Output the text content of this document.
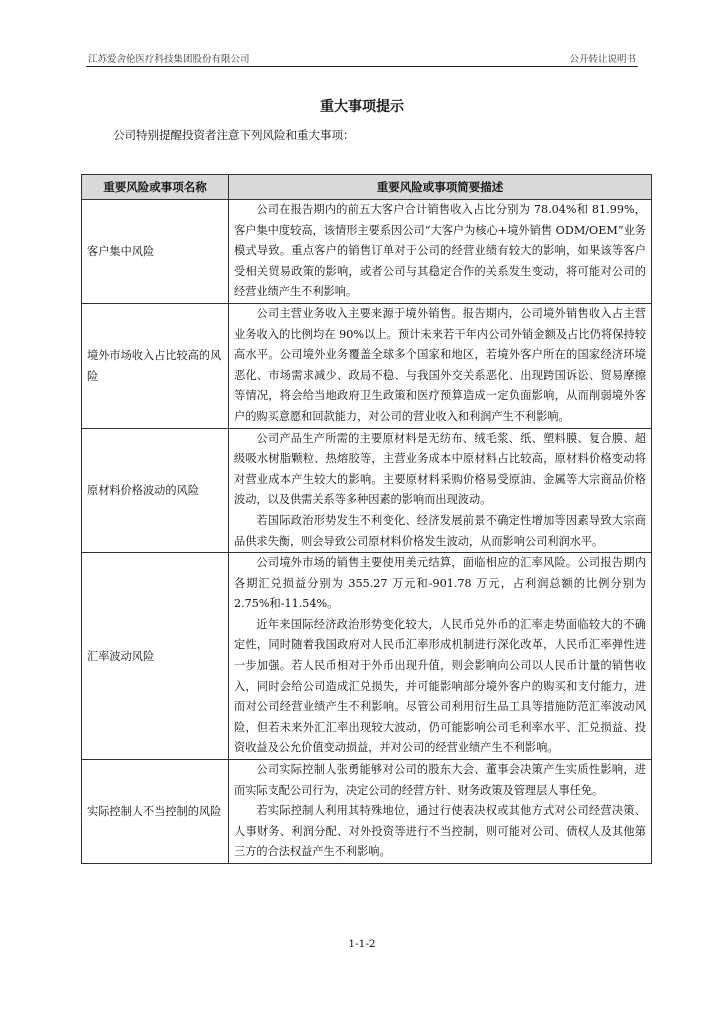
江苏爱舍伦医疗科技集团股份有限公司	公开转让说明书
重大事项提示
公司特别提醒投资者注意下列风险和重大事项：
重要风险或事项名称	重要风险或事项简要描述
客户集中风险	公司在报告期内的前五大客户合计销售收入占比分别为 78.04%和 81.99%，客户集中度较高，该情形主要系因公司“大客户为核心+境外销售 ODM/OEM”业务模式导致。重点客户的销售订单对于公司的经营业绩有较大的影响，如果该等客户受相关贸易政策的影响，或者公司与其稳定合作的关系发生变动，将可能对公司的经营业绩产生不利影响。

境外市场收入占比较高的风险	公司主营业务收入主要来源于境外销售。报告期内，公司境外销售收入占主营业务收入的比例均在 90%以上。预计未来若干年内公司外销金额及占比仍将保持较高水平。公司境外业务覆盖全球多个国家和地区，若境外客户所在的国家经济环境恶化、市场需求减少、政局不稳、与我国外交关系恶化、出现跨国诉讼、贸易摩擦等情况，将会给当地政府卫生政策和医疗预算造成一定负面影响，从而削弱境外客户的购买意愿和回款能力，对公司的营业收入和利润产生不利影响。

原材料价格波动的风险	公司产品生产所需的主要原材料是无纺布、绒毛浆、纸、塑料膜、复合膜、超级吸水树脂颗粒、热熔胶等，主营业务成本中原材料占比较高，原材料价格变动将对营业成本产生较大的影响。主要原材料采购价格易受原油、金属等大宗商品价格波动，以及供需关系等多种因素的影响而出现波动。

若国际政治形势发生不利变化、经济发展前景不确定性增加等因素导致大宗商品供求失衡，则会导致公司原材料价格发生波动，从而影响公司利润水平。

汇率波动风险	公司境外市场的销售主要使用美元结算，面临相应的汇率风险。公司报告期内各期汇兑损益分别为 355.27 万元和-901.78 万元，占利润总额的比例分别为 2.75%和-11.54%。

近年来国际经济政治形势变化较大，人民币兑外币的汇率走势面临较大的不确定性，同时随着我国政府对人民币汇率形成机制进行深化改革，人民币汇率弹性进一步加强。若人民币相对于外币出现升值，则会影响向公司以人民币计量的销售收入，同时会给公司造成汇兑损失，并可能影响部分境外客户的购买和支付能力，进而对公司经营业绩产生不利影响。尽管公司利用衍生品工具等措施防范汇率波动风险，但若未来外汇汇率出现较大波动，仍可能影响公司毛利率水平、汇兑损益、投资收益及公允价值变动损益，并对公司的经营业绩产生不利影响。

实际控制人不当控制的风险	公司实际控制人张勇能够对公司的股东大会、董事会决策产生实质性影响，进而实际支配公司行为，决定公司的经营方针、财务政策及管理层人事任免。

若实际控制人利用其特殊地位，通过行使表决权或其他方式对公司经营决策、人事财务、利润分配、对外投资等进行不当控制，则可能对公司、债权人及其他第三方的合法权益产生不利影响。

1-1-2
